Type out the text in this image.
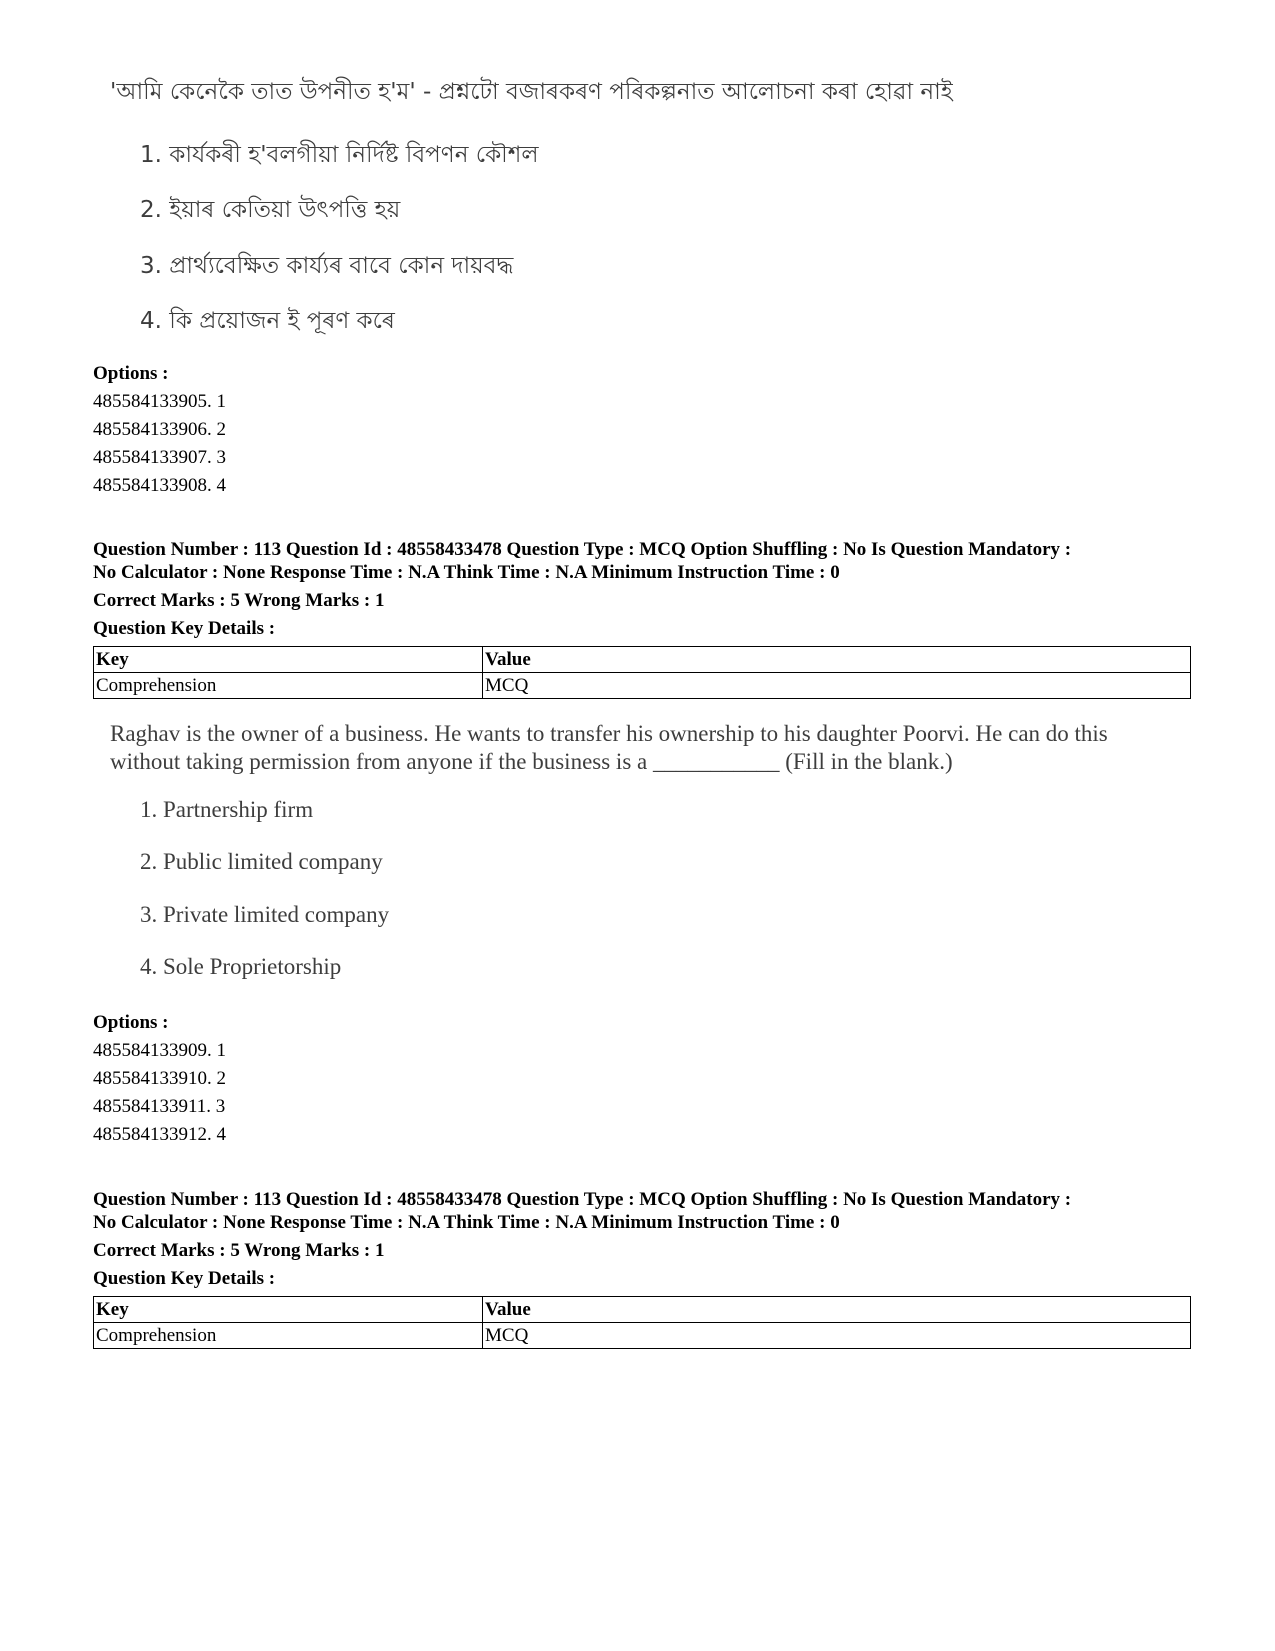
'আমি কেনেকৈ তাত উপনীত হ'ম' - প্ৰশ্নটো বজাৰকৰণ পৰিকল্পনাত আলোচনা কৰা হোৱা নাই

1. কাৰ্যকৰী হ'বলগীয়া নিৰ্দিষ্ট বিপণন কৌশল
2. ইয়াৰ কেতিয়া উৎপত্তি হয়
3. প্ৰাৰ্থ্যবেক্ষিত কাৰ্য্যৰ বাবে কোন দায়বদ্ধ
4. কি প্ৰয়োজন ই পূৰণ কৰে
Options :
485584133905. 1
485584133906. 2
485584133907. 3
485584133908. 4
Question Number : 113 Question Id : 48558433478 Question Type : MCQ Option Shuffling : No Is Question Mandatory :
No Calculator : None Response Time : N.A Think Time : N.A Minimum Instruction Time : 0
Correct Marks : 5 Wrong Marks : 1
Question Key Details :
Key	Value
Comprehension	MCQ

Raghav is the owner of a business. He wants to transfer his ownership to his daughter Poorvi. He can do this

without taking permission from anyone if the business is a ___________ (Fill in the blank.)

1. Partnership firm
2. Public limited company
3. Private limited company
4. Sole Proprietorship
Options :
485584133909. 1
485584133910. 2
485584133911. 3
485584133912. 4
Question Number : 113 Question Id : 48558433478 Question Type : MCQ Option Shuffling : No Is Question Mandatory :
No Calculator : None Response Time : N.A Think Time : N.A Minimum Instruction Time : 0
Correct Marks : 5 Wrong Marks : 1
Question Key Details :
Key	Value
Comprehension	MCQ
